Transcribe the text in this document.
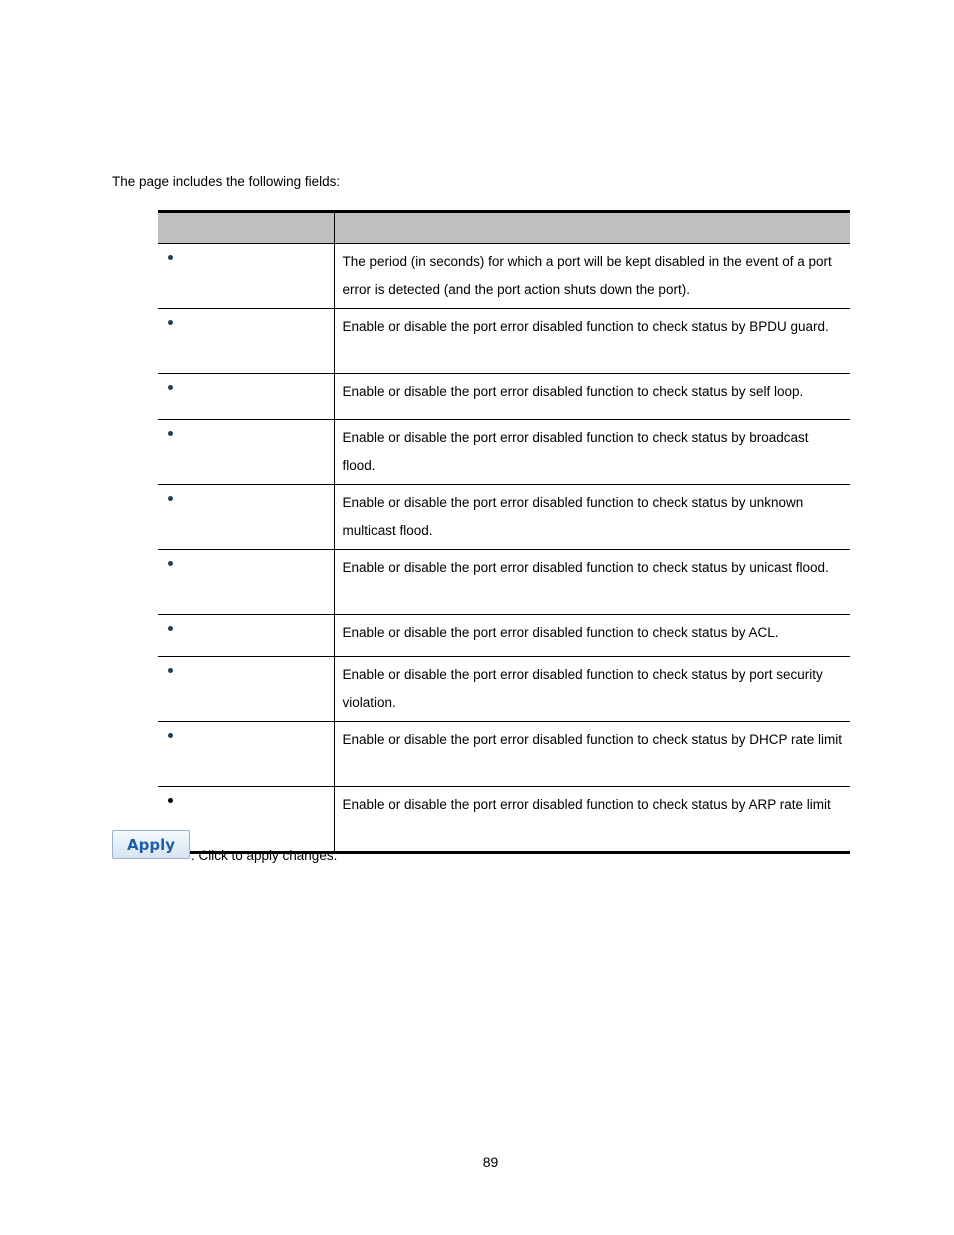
The page includes the following fields:

	The period (in seconds) for which a port will be kept disabled in the event of a port error is detected (and the port action shuts down the port).
	Enable or disable the port error disabled function to check status by BPDU guard.
	Enable or disable the port error disabled function to check status by self loop.
	Enable or disable the port error disabled function to check status by broadcast flood.
	Enable or disable the port error disabled function to check status by unknown multicast flood.
	Enable or disable the port error disabled function to check status by unicast flood.
	Enable or disable the port error disabled function to check status by ACL.
	Enable or disable the port error disabled function to check status by port security violation.
	Enable or disable the port error disabled function to check status by DHCP rate limit
	Enable or disable the port error disabled function to check status by ARP rate limit
Apply
: Click to apply changes.
89
